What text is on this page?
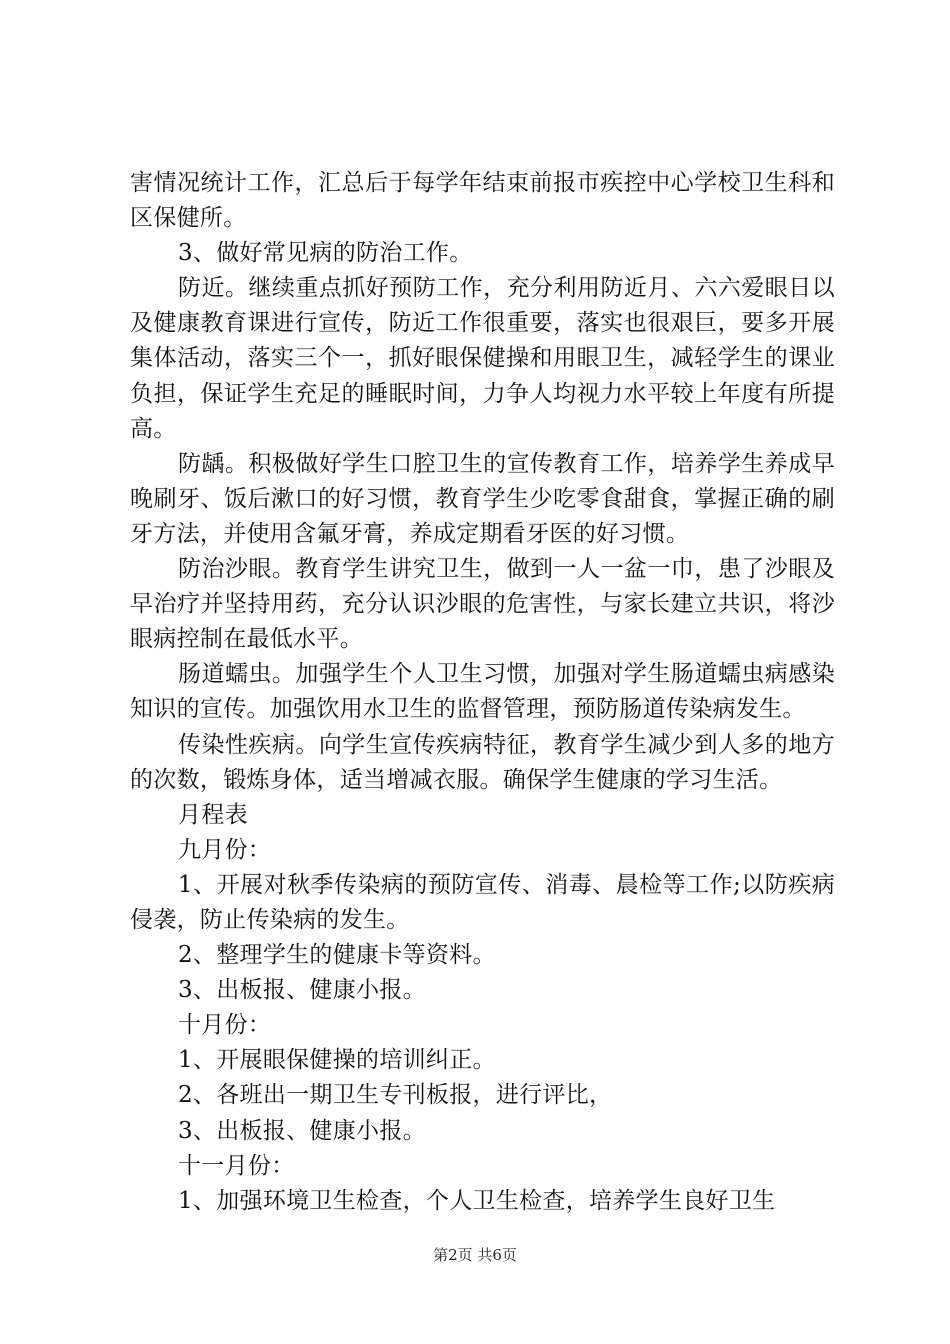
害情况统计工作，汇总后于每学年结束前报市疾控中心学校卫生科和区保健所。

3、做好常见病的防治工作。

防近。继续重点抓好预防工作，充分利用防近月、六六爱眼日以及健康教育课进行宣传，防近工作很重要，落实也很艰巨，要多开展集体活动，落实三个一，抓好眼保健操和用眼卫生，减轻学生的课业负担，保证学生充足的睡眠时间，力争人均视力水平较上年度有所提高。

防龋。积极做好学生口腔卫生的宣传教育工作，培养学生养成早晚刷牙、饭后漱口的好习惯，教育学生少吃零食甜食，掌握正确的刷牙方法，并使用含氟牙膏，养成定期看牙医的好习惯。

防治沙眼。教育学生讲究卫生，做到一人一盆一巾，患了沙眼及早治疗并坚持用药，充分认识沙眼的危害性，与家长建立共识，将沙眼病控制在最低水平。

肠道蠕虫。加强学生个人卫生习惯，加强对学生肠道蠕虫病感染知识的宣传。加强饮用水卫生的监督管理，预防肠道传染病发生。

传染性疾病。向学生宣传疾病特征，教育学生减少到人多的地方的次数，锻炼身体，适当增减衣服。确保学生健康的学习生活。

月程表

九月份：

1、开展对秋季传染病的预防宣传、消毒、晨检等工作;以防疾病侵袭，防止传染病的发生。

2、整理学生的健康卡等资料。

3、出板报、健康小报。

十月份：

1、开展眼保健操的培训纠正。

2、各班出一期卫生专刊板报，进行评比，

3、出板报、健康小报。

十一月份：

1、加强环境卫生检查，个人卫生检查，培养学生良好卫生

第2页 共6页
